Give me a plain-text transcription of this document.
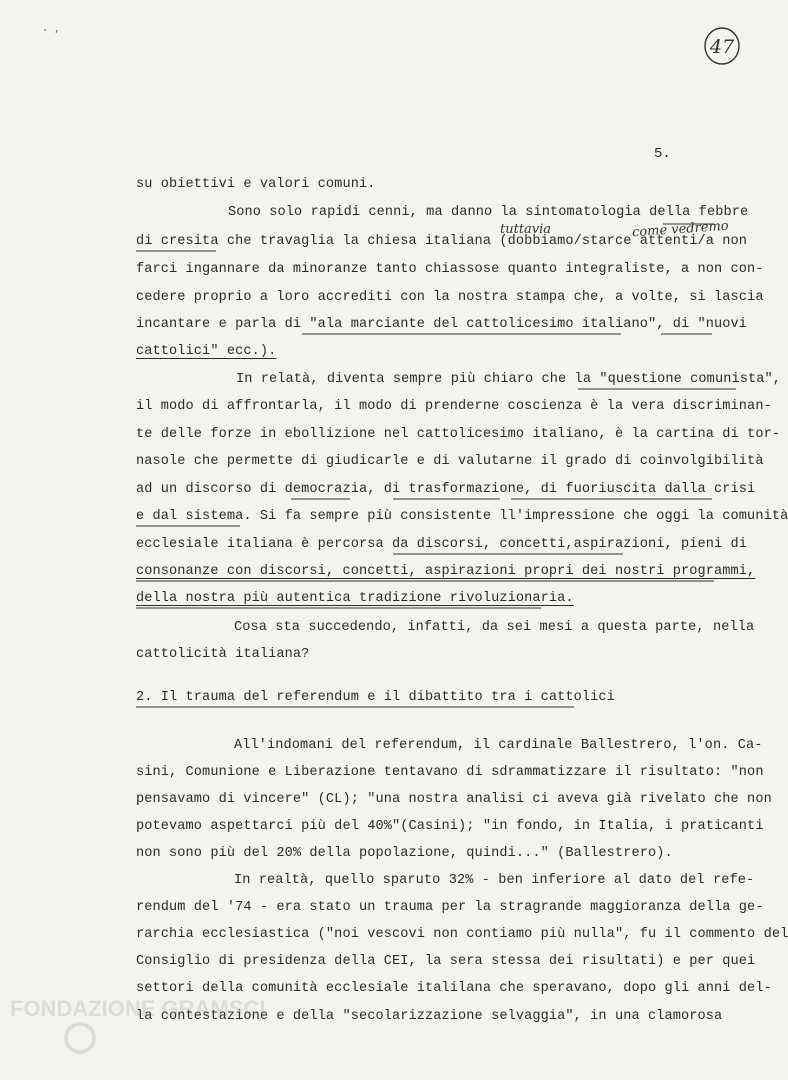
. ‚
47
5.
tuttavia	come vedremo
su obiettivi e valori comuni.
Sono solo rapidi cenni, ma danno la sintomatologia della febbre
di cresita che travaglia la chiesa italiana (dobbiamo/starce attenti/a non
farci ingannare da minoranze tanto chiassose quanto integraliste, a non con-
cedere proprio a loro accrediti con la nostra stampa che, a volte, si lascia
incantare e parla di "ala marciante del cattolicesimo italiano", di "nuovi
cattolici" ecc.).
In relatà, diventa sempre più chiaro che la "questione comunista",
il modo di affrontarla, il modo di prenderne coscienza è la vera discriminan-
te delle forze in ebollizione nel cattolicesimo italiano, è la cartina di tor-
nasole che permette di giudicarle e di valutarne il grado di coinvolgibilità
ad un discorso di democrazia, di trasformazione, di fuoriuscita dalla crisi
e dal sistema. Si fa sempre più consistente ll'impressione che oggi la comunità
ecclesiale italiana è percorsa da discorsi, concetti,aspirazioni, pieni di
consonanze con discorsi, concetti, aspirazioni propri dei nostri programmi,
della nostra più autentica tradizione rivoluzionaria.
Cosa sta succedendo, infatti, da sei mesi a questa parte, nella
cattolicità italiana?
2. Il trauma del referendum e il dibattito tra i cattolici
All'indomani del referendum, il cardinale Ballestrero, l'on. Ca-
sini, Comunione e Liberazione tentavano di sdrammatizzare il risultato: "non
pensavamo di vincere" (CL); "una nostra analisi ci aveva già rivelato che non
potevamo aspettarci più del 40%"(Casini); "in fondo, in Italia, i praticanti
non sono più del 20% della popolazione, quindi..." (Ballestrero).
In realtà, quello sparuto 32% - ben inferiore al dato del refe-
rendum del '74 - era stato un trauma per la stragrande maggioranza della ge-
rarchia ecclesiastica ("noi vescovi non contiamo più nulla", fu il commento del
Consiglio di presidenza della CEI, la sera stessa dei risultati) e per quei
settori della comunità ecclesiale italilana che speravano, dopo gli anni del-
la contestazione e della "secolarizzazione selvaggia", in una clamorosa
FONDAZIONE GRAMSCI
